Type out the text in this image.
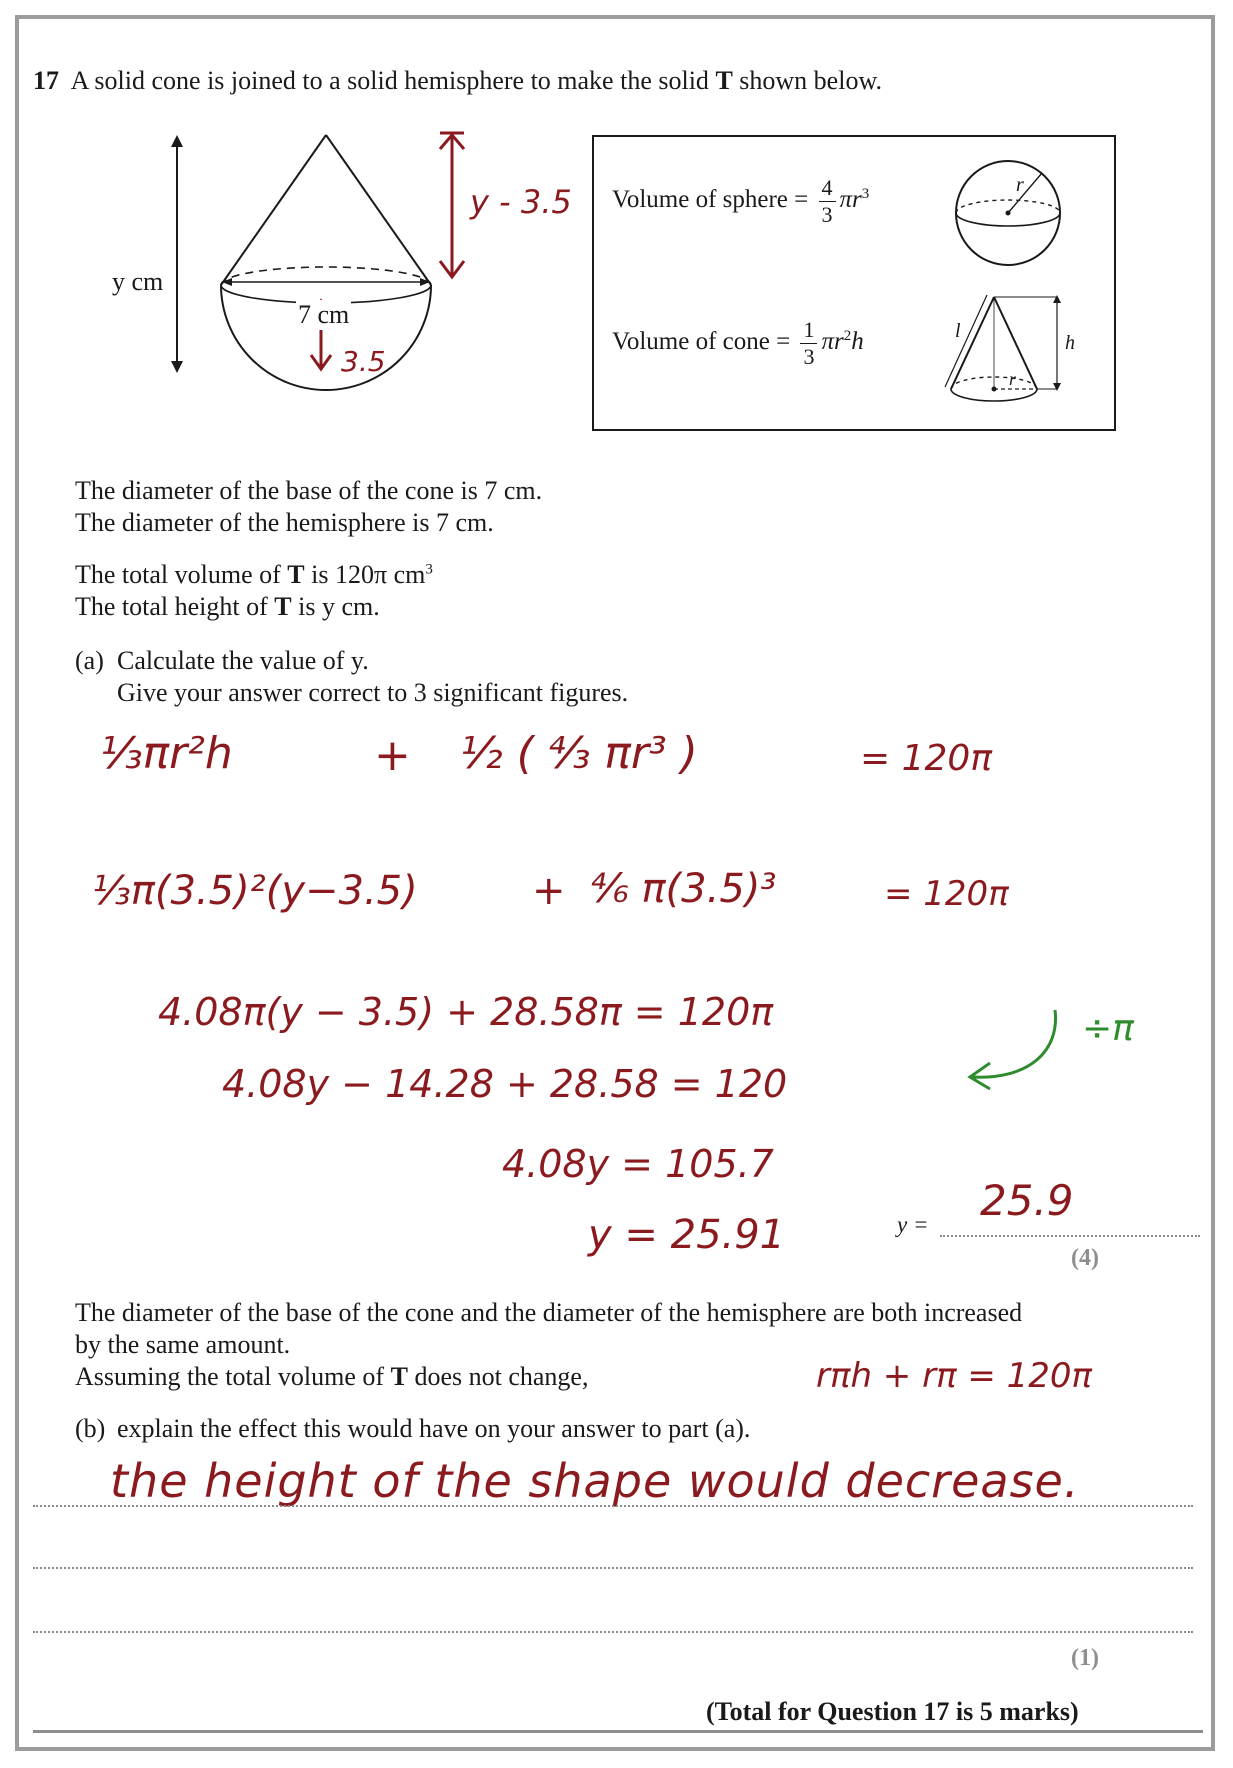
17 A solid cone is joined to a solid hemisphere to make the solid T shown below.
y cm
7 cm
3.5
y - 3.5 Volume of sphere = $\frac{4}{3} \pi r^3$
Volume of cone = $\frac{1}{3} \pi r^2h$
r
l
h
r
The diameter of the base of the cone is 7 cm.
The diameter of the hemisphere is 7 cm.
The total volume of T is 120π $cm^3$
The total height of T is y cm.
(a) Calculate the value of y.
Give your answer correct to 3 significant figures.
⅓πr²h	+ ½ ( ⁴⁄₃ πr³ )	= 120π
⅓π(3.5)²(y−3.5)	+ ⁴⁄₆ π(3.5)³	= 120π
4.08π(y − 3.5) + 28.58π = 120π	÷π
4.08y − 14.28 + 28.58 = 120
4.08y = 105.7
y = 25.91	y = 25.9
(4)
The diameter of the base of the cone and the diameter of the hemisphere are both increased
by the same amount.
Assuming the total volume of T does not change,	rπh + rπ = 120π
(b) explain the effect this would have on your answer to part (a).
the height of the shape would decrease.
(1)
(Total for Question 17 is 5 marks)
